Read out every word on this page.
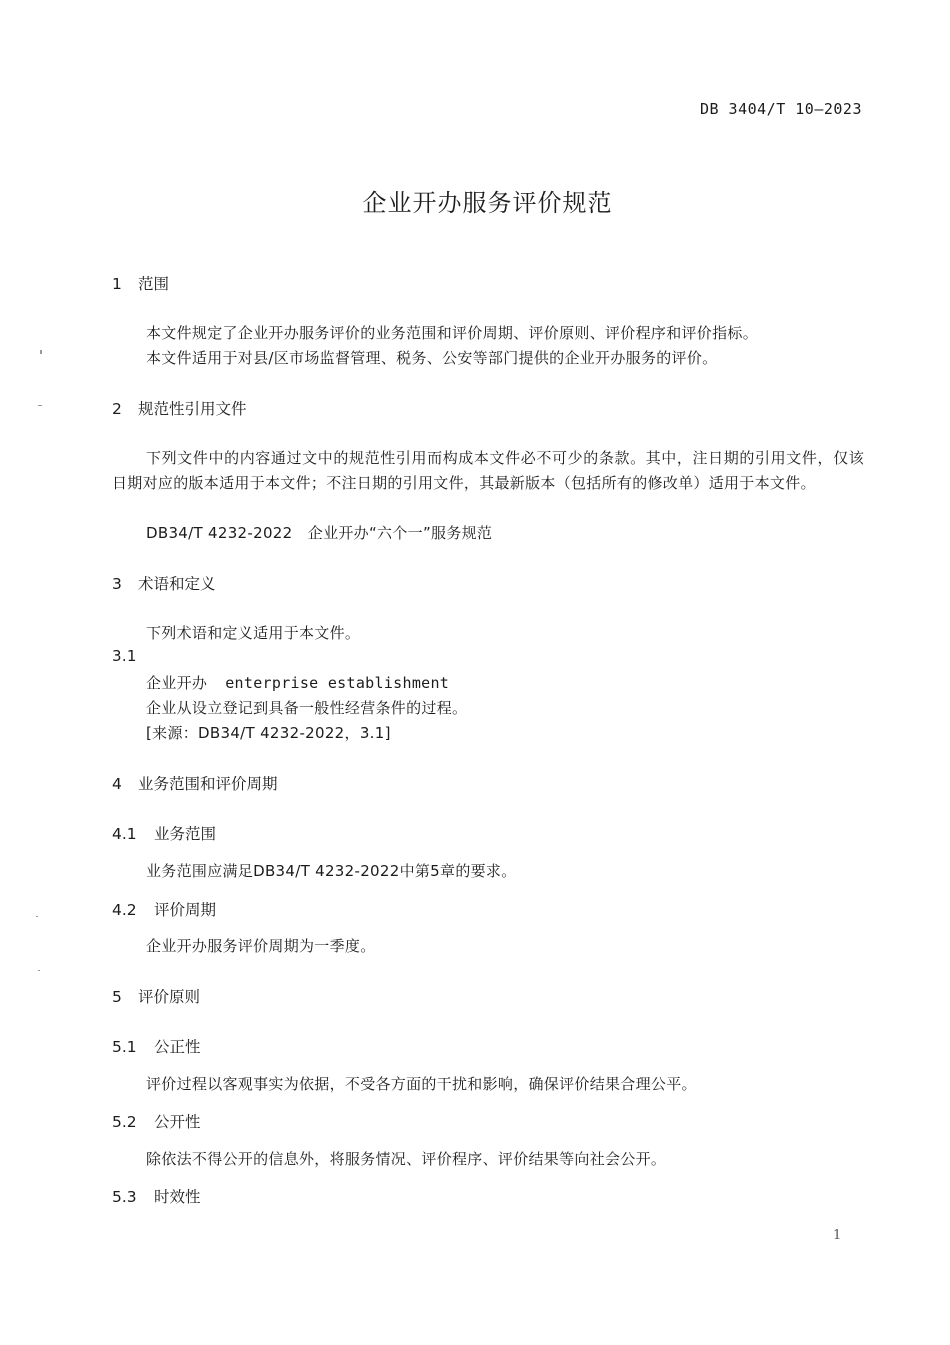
DB 3404/T 10—2023
企业开办服务评价规范
1 范围
本文件规定了企业开办服务评价的业务范围和评价周期、评价原则、评价程序和评价指标。
本文件适用于对县/区市场监督管理、税务、公安等部门提供的企业开办服务的评价。
2 规范性引用文件
下列文件中的内容通过文中的规范性引用而构成本文件必不可少的条款。其中，注日期的引用文件，仅该日期对应的版本适用于本文件；不注日期的引用文件，其最新版本（包括所有的修改单）适用于本文件。
DB34/T 4232-2022　企业开办“六个一”服务规范
3 术语和定义
下列术语和定义适用于本文件。
3.1
企业开办 enterprise establishment
企业从设立登记到具备一般性经营条件的过程。
[来源：DB34/T 4232-2022，3.1]
4 业务范围和评价周期
4.1 业务范围
业务范围应满足DB34/T 4232-2022中第5章的要求。
4.2 评价周期
企业开办服务评价周期为一季度。
5 评价原则
5.1 公正性
评价过程以客观事实为依据，不受各方面的干扰和影响，确保评价结果合理公平。
5.2 公开性
除依法不得公开的信息外，将服务情况、评价程序、评价结果等向社会公开。
5.3 时效性
1
